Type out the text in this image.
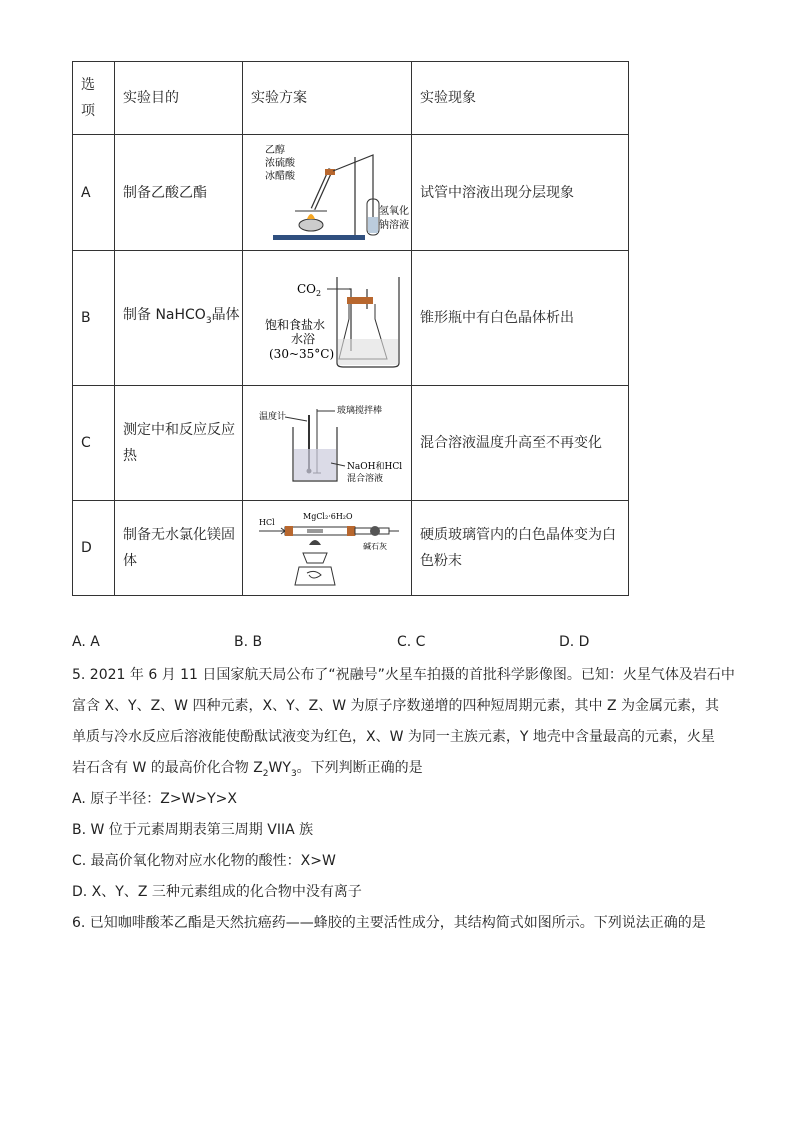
选
项	实验目的	实验方案	实验现象
A	制备乙酸乙酯	乙醇
浓硫酸
冰醋酸
氢氧化
钠溶液	试管中溶液出现分层现象
B	制备 NaHCO$_3$晶体	$CO_2$
饱和食盐水
水浴
(30~35°C)	锥形瓶中有白色晶体析出
C	测定中和反应反应
热	温度计
玻璃搅拌棒
NaOH和HCl
混合溶液	混合溶液温度升高至不再变化
D	制备无水氯化镁固
体	HCl
MgCl₂·6H₂O
碱石灰	硬质玻璃管内的白色晶体变为白
色粉末
A. A	B. B	C. C	D. D
5. 2021 年 6 月 11 日国家航天局公布了“祝融号”火星车拍摄的首批科学影像图。已知：火星气体及岩石中
富含 X、Y、Z、W 四种元素，X、Y、Z、W 为原子序数递增的四种短周期元素，其中 Z 为金属元素，其
单质与冷水反应后溶液能使酚酞试液变为红色，X、W 为同一主族元素，Y 地壳中含量最高的元素，火星
岩石含有 W 的最高价化合物 $Z_2WY_3$。下列判断正确的是
A. 原子半径：Z>W>Y>X
B. W 位于元素周期表第三周期 VIIA 族
C. 最高价氧化物对应水化物的酸性：X>W
D. X、Y、Z 三种元素组成的化合物中没有离子
6. 已知咖啡酸苯乙酯是天然抗癌药——蜂胶的主要活性成分，其结构简式如图所示。下列说法正确的是
